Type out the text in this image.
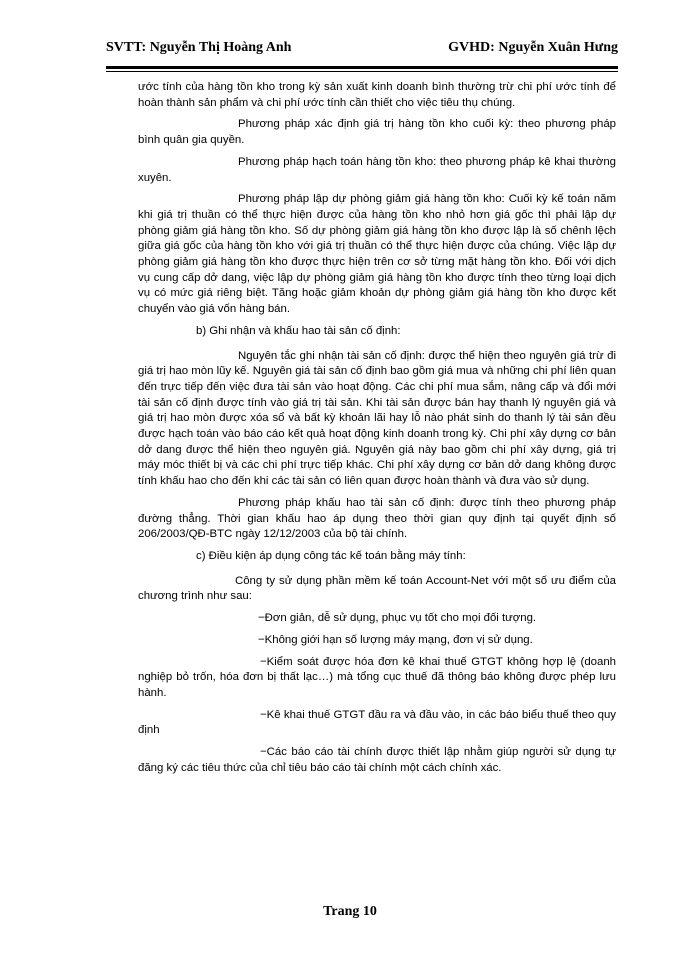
SVTT: Nguyễn Thị Hoàng Anh	GVHD: Nguyễn Xuân Hưng

ước tính của hàng tồn kho trong kỳ sản xuất kinh doanh bình thường trừ chi phí ước tính để hoàn thành sản phẩm và chi phí ước tính cần thiết cho việc tiêu thụ chúng.

Phương pháp xác định giá trị hàng tồn kho cuối kỳ: theo phương pháp bình quân gia quyền.

Phương pháp hạch toán hàng tồn kho: theo phương pháp kê khai thường xuyên.

Phương pháp lập dự phòng giảm giá hàng tồn kho: Cuối kỳ kế toán năm khi giá trị thuần có thể thực hiện được của hàng tồn kho nhỏ hơn giá gốc thì phải lập dự phòng giảm giá hàng tồn kho. Số dự phòng giảm giá hàng tồn kho được lập là số chênh lệch giữa giá gốc của hàng tồn kho với giá trị thuần có thể thực hiện được của chúng. Việc lập dự phòng giảm giá hàng tồn kho được thực hiện trên cơ sở từng mặt hàng tồn kho. Đối với dịch vụ cung cấp dở dang, việc lập dự phòng giảm giá hàng tồn kho được tính theo từng loại dịch vụ có mức giá riêng biệt. Tăng hoặc giảm khoản dự phòng giảm giá hàng tồn kho được kết chuyển vào giá vốn hàng bán.

b) Ghi nhận và khấu hao tài sản cố định:

Nguyên tắc ghi nhận tài sản cố định: được thể hiện theo nguyên giá trừ đi giá trị hao mòn lũy kế. Nguyên giá tài sản cố định bao gồm giá mua và những chi phí liên quan đến trực tiếp đến việc đưa tài sản vào hoạt động. Các chi phí mua sắm, nâng cấp và đổi mới tài sản cố định được tính vào giá trị tài sản. Khi tài sản được bán hay thanh lý nguyên giá và giá trị hao mòn được xóa sổ và bất kỳ khoản lãi hay lỗ nào phát sinh do thanh lý tài sản đều được hạch toán vào báo cáo kết quả hoạt động kinh doanh trong kỳ. Chi phí xây dựng cơ bản dở dang được thể hiện theo nguyên giá. Nguyên giá này bao gồm chi phí xây dựng, giá trị máy móc thiết bị và các chi phí trực tiếp khác. Chi phí xây dựng cơ bản dở dang không được tính khấu hao cho đến khi các tài sản có liên quan được hoàn thành và đưa vào sử dụng.

Phương pháp khấu hao tài sản cố định: được tính theo phương pháp đường thẳng. Thời gian khấu hao áp dụng theo thời gian quy định tại quyết định số 206/2003/QĐ-BTC ngày 12/12/2003 của bộ tài chính.

c) Điều kiện áp dụng công tác kế toán bằng máy tính:

Công ty sử dụng phần mềm kế toán Account-Net với một số ưu điểm của chương trình như sau:

−Đơn giản, dễ sử dụng, phục vụ tốt cho mọi đối tượng.

−Không giới hạn số lượng máy mạng, đơn vị sử dụng.

−Kiểm soát được hóa đơn kê khai thuế GTGT không hợp lệ (doanh nghiệp bỏ trốn, hóa đơn bị thất lạc…) mà tổng cục thuế đã thông báo không được phép lưu hành.

−Kê khai thuế GTGT đầu ra và đầu vào, in các báo biểu thuế theo quy định

−Các báo cáo tài chính được thiết lập nhằm giúp người sử dụng tự đăng ký các tiêu thức của chỉ tiêu báo cáo tài chính một cách chính xác.

Trang 10
